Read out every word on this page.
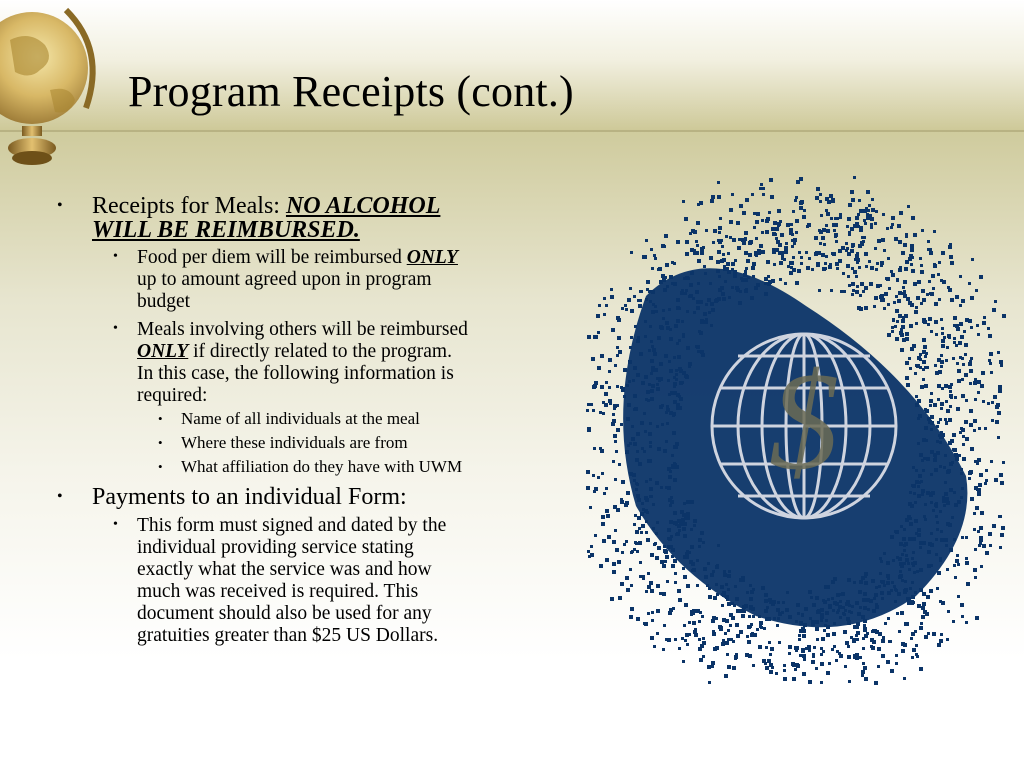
Program Receipts (cont.)
• Receipts for Meals: NO ALCOHOL

WILL BE REIMBURSED.

• Food per diem will be reimbursed ONLY

up to amount agreed upon in program

budget

• Meals involving others will be reimbursed

ONLY if directly related to the program.

In this case, the following information is

required:

• Name of all individuals at the meal

• Where these individuals are from

• What affiliation do they have with UWM

• Payments to an individual Form:

• This form must signed and dated by the

individual providing service stating

exactly what the service was and how

much was received is required. This

document should also be used for any

gratuities greater than $25 US Dollars.

$
